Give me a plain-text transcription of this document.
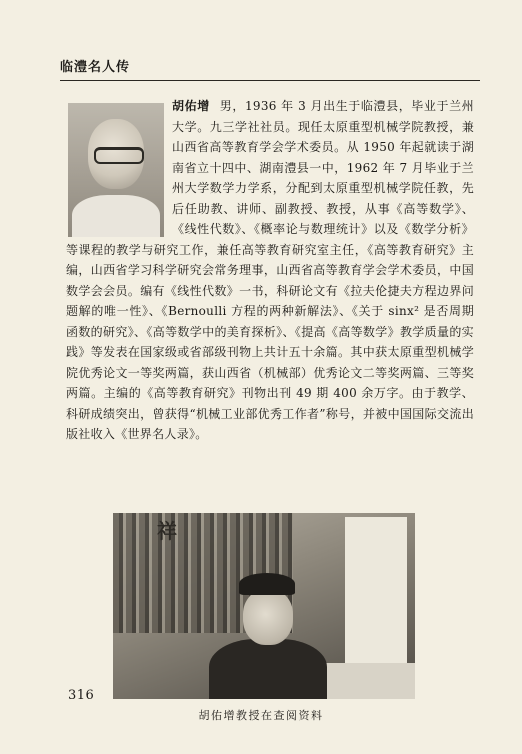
临澧名人传
胡佑增 男，1936 年 3 月出生于临澧县，毕业于兰州大学。九三学社社员。现任太原重型机械学院教授，兼山西省高等教育学会学术委员。从 1950 年起就读于湖南省立十四中、湖南澧县一中，1962 年 7 月毕业于兰州大学数学力学系，分配到太原重型机械学院任教，先后任助教、讲师、副教授、教授，从事《高等数学》、《线性代数》、《概率论与数理统计》以及《数学分析》等课程的教学与研究工作，兼任高等教育研究室主任，《高等教育研究》主编，山西省学习科学研究会常务理事，山西省高等教育学会学术委员，中国数学会会员。编有《线性代数》一书，科研论文有《拉夫伦捷夫方程边界问题解的唯一性》、《Bernoulli 方程的两种新解法》、《关于 sinx² 是否周期函数的研究》、《高等数学中的美育探析》、《提高《高等数学》教学质量的实践》等发表在国家级或省部级刊物上共计五十余篇。其中获太原重型机械学院优秀论文一等奖两篇，获山西省（机械部）优秀论文二等奖两篇、三等奖两篇。主编的《高等教育研究》刊物出刊 49 期 400 余万字。由于教学、科研成绩突出，曾获得“机械工业部优秀工作者”称号，并被中国国际交流出版社收入《世界名人录》。
祥
316
胡佑增教授在查阅资料
